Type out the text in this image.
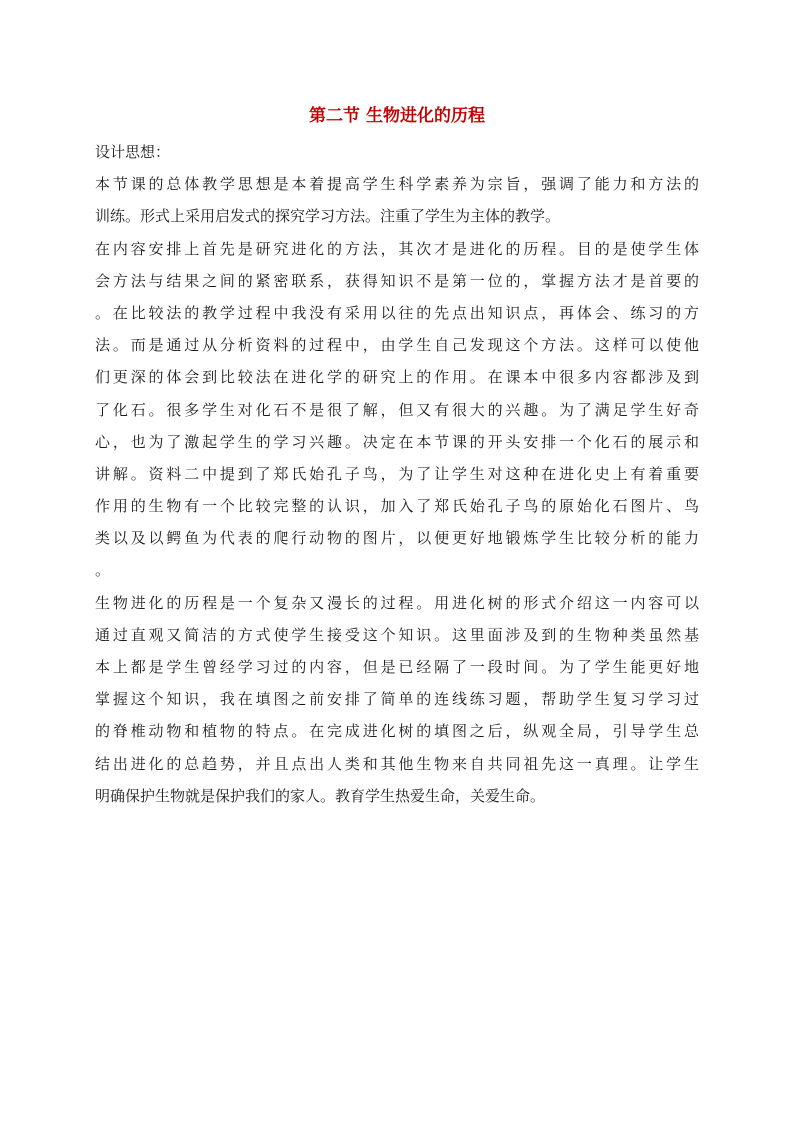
第二节 生物进化的历程
设计思想：
本节课的总体教学思想是本着提高学生科学素养为宗旨，强调了能力和方法的
训练。形式上采用启发式的探究学习方法。注重了学生为主体的教学。
在内容安排上首先是研究进化的方法，其次才是进化的历程。目的是使学生体
会方法与结果之间的紧密联系，获得知识不是第一位的，掌握方法才是首要的
。在比较法的教学过程中我没有采用以往的先点出知识点，再体会、练习的方
法。而是通过从分析资料的过程中，由学生自己发现这个方法。这样可以使他
们更深的体会到比较法在进化学的研究上的作用。在课本中很多内容都涉及到
了化石。很多学生对化石不是很了解，但又有很大的兴趣。为了满足学生好奇
心，也为了激起学生的学习兴趣。决定在本节课的开头安排一个化石的展示和
讲解。资料二中提到了郑氏始孔子鸟，为了让学生对这种在进化史上有着重要
作用的生物有一个比较完整的认识，加入了郑氏始孔子鸟的原始化石图片、鸟
类以及以鳄鱼为代表的爬行动物的图片，以便更好地锻炼学生比较分析的能力
。
生物进化的历程是一个复杂又漫长的过程。用进化树的形式介绍这一内容可以
通过直观又简洁的方式使学生接受这个知识。这里面涉及到的生物种类虽然基
本上都是学生曾经学习过的内容，但是已经隔了一段时间。为了学生能更好地
掌握这个知识，我在填图之前安排了简单的连线练习题，帮助学生复习学习过
的脊椎动物和植物的特点。在完成进化树的填图之后，纵观全局，引导学生总
结出进化的总趋势，并且点出人类和其他生物来自共同祖先这一真理。让学生
明确保护生物就是保护我们的家人。教育学生热爱生命，关爱生命。
